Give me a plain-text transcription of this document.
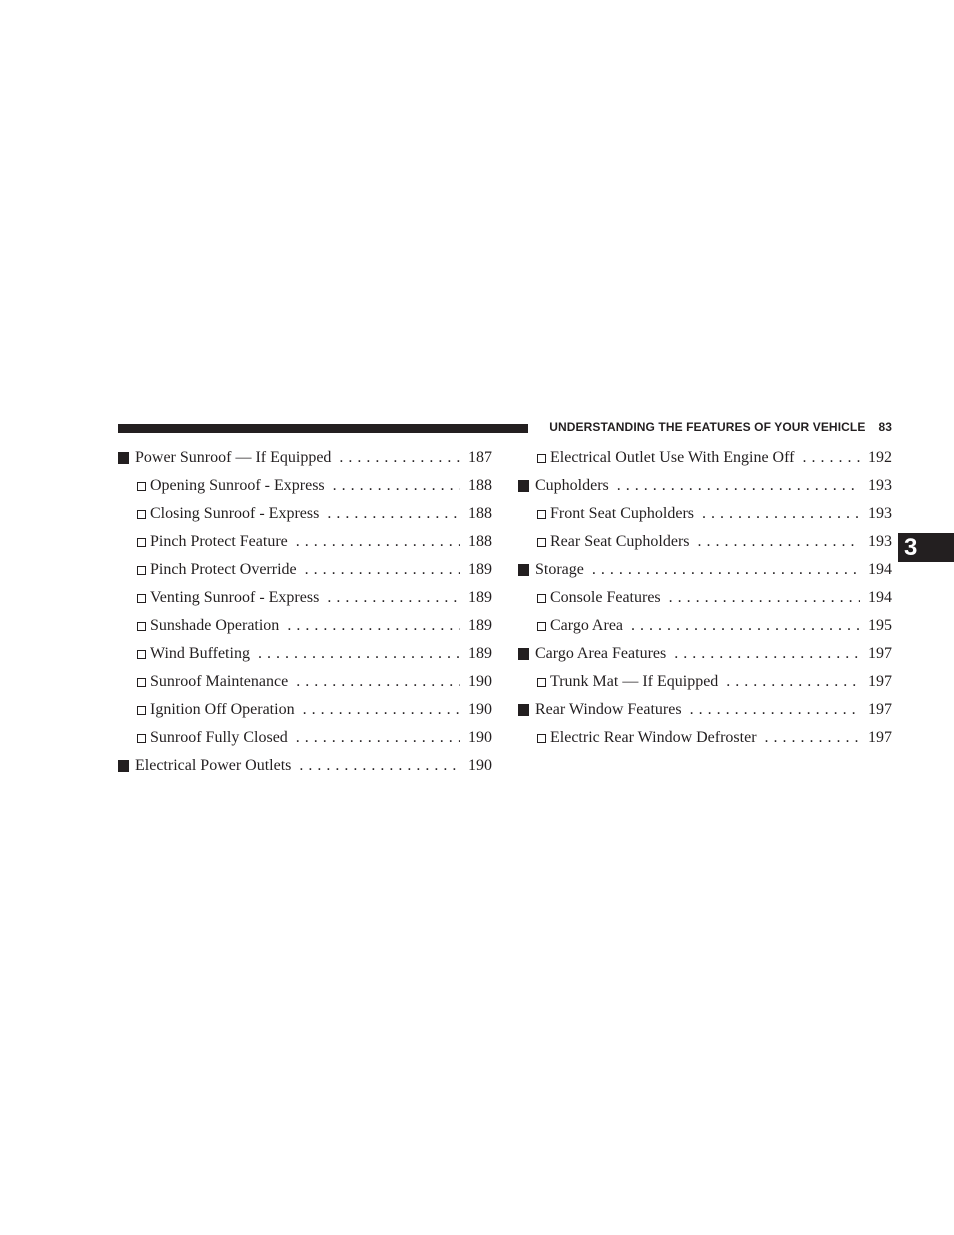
UNDERSTANDING THE FEATURES OF YOUR VEHICLE 83
3
Power Sunroof — If Equipped . . .	187
Opening Sunroof - Express . . .	188
Closing Sunroof - Express . . .	188
Pinch Protect Feature . . .	188
Pinch Protect Override . . .	189
Venting Sunroof - Express . . .	189
Sunshade Operation . . .	189
Wind Buffeting . . .	189
Sunroof Maintenance . . .	190
Ignition Off Operation . . .	190
Sunroof Fully Closed . . .	190
Electrical Power Outlets . . .	190
Electrical Outlet Use With Engine Off . . .	192
Cupholders . . .	193
Front Seat Cupholders . . .	193
Rear Seat Cupholders . . .	193
Storage . . .	194
Console Features . . .	194
Cargo Area . . .	195
Cargo Area Features . . .	197
Trunk Mat — If Equipped . . .	197
Rear Window Features . . .	197
Electric Rear Window Defroster . . .	197
